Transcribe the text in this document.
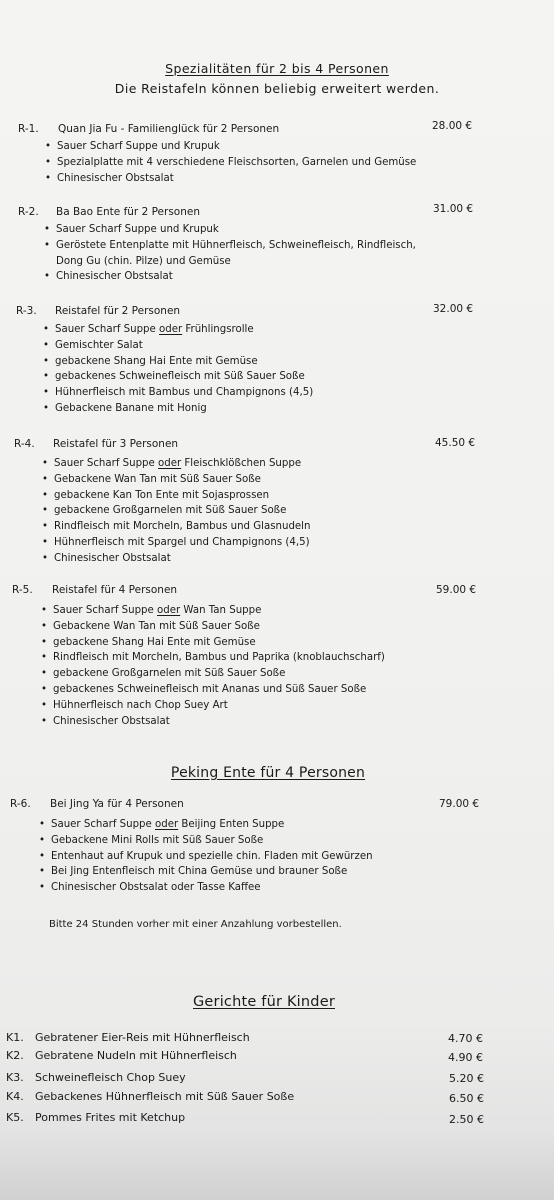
Spezialitäten für 2 bis 4 Personen
Die Reistafeln können beliebig erweitert werden.
R-1. Quan Jia Fu - Familienglück für 2 Personen	28.00 €
• Sauer Scharf Suppe und Krupuk
• Spezialplatte mit 4 verschiedene Fleischsorten, Garnelen und Gemüse
• Chinesischer Obstsalat
R-2. Ba Bao Ente für 2 Personen	31.00 €
• Sauer Scharf Suppe und Krupuk
• Geröstete Entenplatte mit Hühnerfleisch, Schweinefleisch, Rindfleisch,
Dong Gu (chin. Pilze) und Gemüse
• Chinesischer Obstsalat
R-3. Reistafel für 2 Personen	32.00 €
• Sauer Scharf Suppe oder Frühlingsrolle
• Gemischter Salat
• gebackene Shang Hai Ente mit Gemüse
• gebackenes Schweinefleisch mit Süß Sauer Soße
• Hühnerfleisch mit Bambus und Champignons (4,5)
• Gebackene Banane mit Honig
R-4. Reistafel für 3 Personen	45.50 €
• Sauer Scharf Suppe oder Fleischklößchen Suppe
• Gebackene Wan Tan mit Süß Sauer Soße
• gebackene Kan Ton Ente mit Sojasprossen
• gebackene Großgarnelen mit Süß Sauer Soße
• Rindfleisch mit Morcheln, Bambus und Glasnudeln
• Hühnerfleisch mit Spargel und Champignons (4,5)
• Chinesischer Obstsalat
R-5. Reistafel für 4 Personen	59.00 €
• Sauer Scharf Suppe oder Wan Tan Suppe
• Gebackene Wan Tan mit Süß Sauer Soße
• gebackene Shang Hai Ente mit Gemüse
• Rindfleisch mit Morcheln, Bambus und Paprika (knoblauchscharf)
• gebackene Großgarnelen mit Süß Sauer Soße
• gebackenes Schweinefleisch mit Ananas und Süß Sauer Soße
• Hühnerfleisch nach Chop Suey Art
• Chinesischer Obstsalat
Peking Ente für 4 Personen
R-6. Bei Jing Ya für 4 Personen	79.00 €
• Sauer Scharf Suppe oder Beijing Enten Suppe
• Gebackene Mini Rolls mit Süß Sauer Soße
• Entenhaut auf Krupuk und spezielle chin. Fladen mit Gewürzen
• Bei Jing Entenfleisch mit China Gemüse und brauner Soße
• Chinesischer Obstsalat oder Tasse Kaffee
Bitte 24 Stunden vorher mit einer Anzahlung vorbestellen.
Gerichte für Kinder
K1. Gebratener Eier-Reis mit Hühnerfleisch	4.70 €
K2. Gebratene Nudeln mit Hühnerfleisch	4.90 €
K3. Schweinefleisch Chop Suey	5.20 €
K4. Gebackenes Hühnerfleisch mit Süß Sauer Soße	6.50 €
K5. Pommes Frites mit Ketchup	2.50 €
